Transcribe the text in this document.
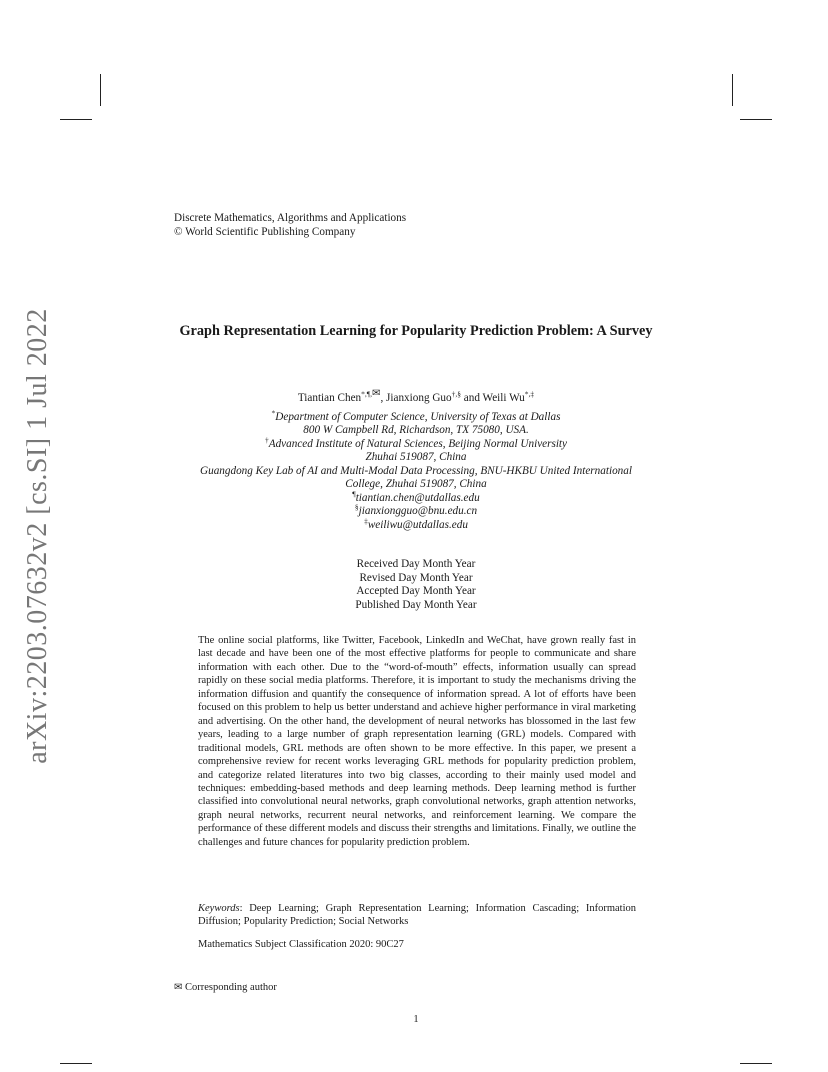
arXiv:2203.07632v2 [cs.SI] 1 Jul 2022
Discrete Mathematics, Algorithms and Applications
© World Scientific Publishing Company
Graph Representation Learning for Popularity Prediction Problem: A Survey
Tiantian Chen*,¶,✉, Jianxiong Guo†,§ and Weili Wu*,‡
*Department of Computer Science, University of Texas at Dallas
800 W Campbell Rd, Richardson, TX 75080, USA.
†Advanced Institute of Natural Sciences, Beijing Normal University
Zhuhai 519087, China
Guangdong Key Lab of AI and Multi-Modal Data Processing, BNU-HKBU United International
College, Zhuhai 519087, China
¶tiantian.chen@utdallas.edu
§jianxiongguo@bnu.edu.cn
‡weiliwu@utdallas.edu
Received Day Month Year
Revised Day Month Year
Accepted Day Month Year
Published Day Month Year
The online social platforms, like Twitter, Facebook, LinkedIn and WeChat, have grown really fast in last decade and have been one of the most effective platforms for people to communicate and share information with each other. Due to the “word-of-mouth” effects, information usually can spread rapidly on these social media platforms. Therefore, it is important to study the mechanisms driving the information diffusion and quantify the consequence of information spread. A lot of efforts have been focused on this problem to help us better understand and achieve higher performance in viral marketing and advertising. On the other hand, the development of neural networks has blossomed in the last few years, leading to a large number of graph representation learning (GRL) models. Compared with traditional models, GRL methods are often shown to be more effective. In this paper, we present a comprehensive review for recent works leveraging GRL methods for popularity prediction problem, and categorize related literatures into two big classes, according to their mainly used model and techniques: embedding-based methods and deep learning methods. Deep learning method is further classified into convolutional neural networks, graph convolutional networks, graph attention networks, graph neural networks, recurrent neural networks, and reinforcement learning. We compare the performance of these different models and discuss their strengths and limitations. Finally, we outline the challenges and future chances for popularity prediction problem.
Keywords: Deep Learning; Graph Representation Learning; Information Cascading; Information Diffusion; Popularity Prediction; Social Networks
Mathematics Subject Classification 2020: 90C27
✉ Corresponding author
1
